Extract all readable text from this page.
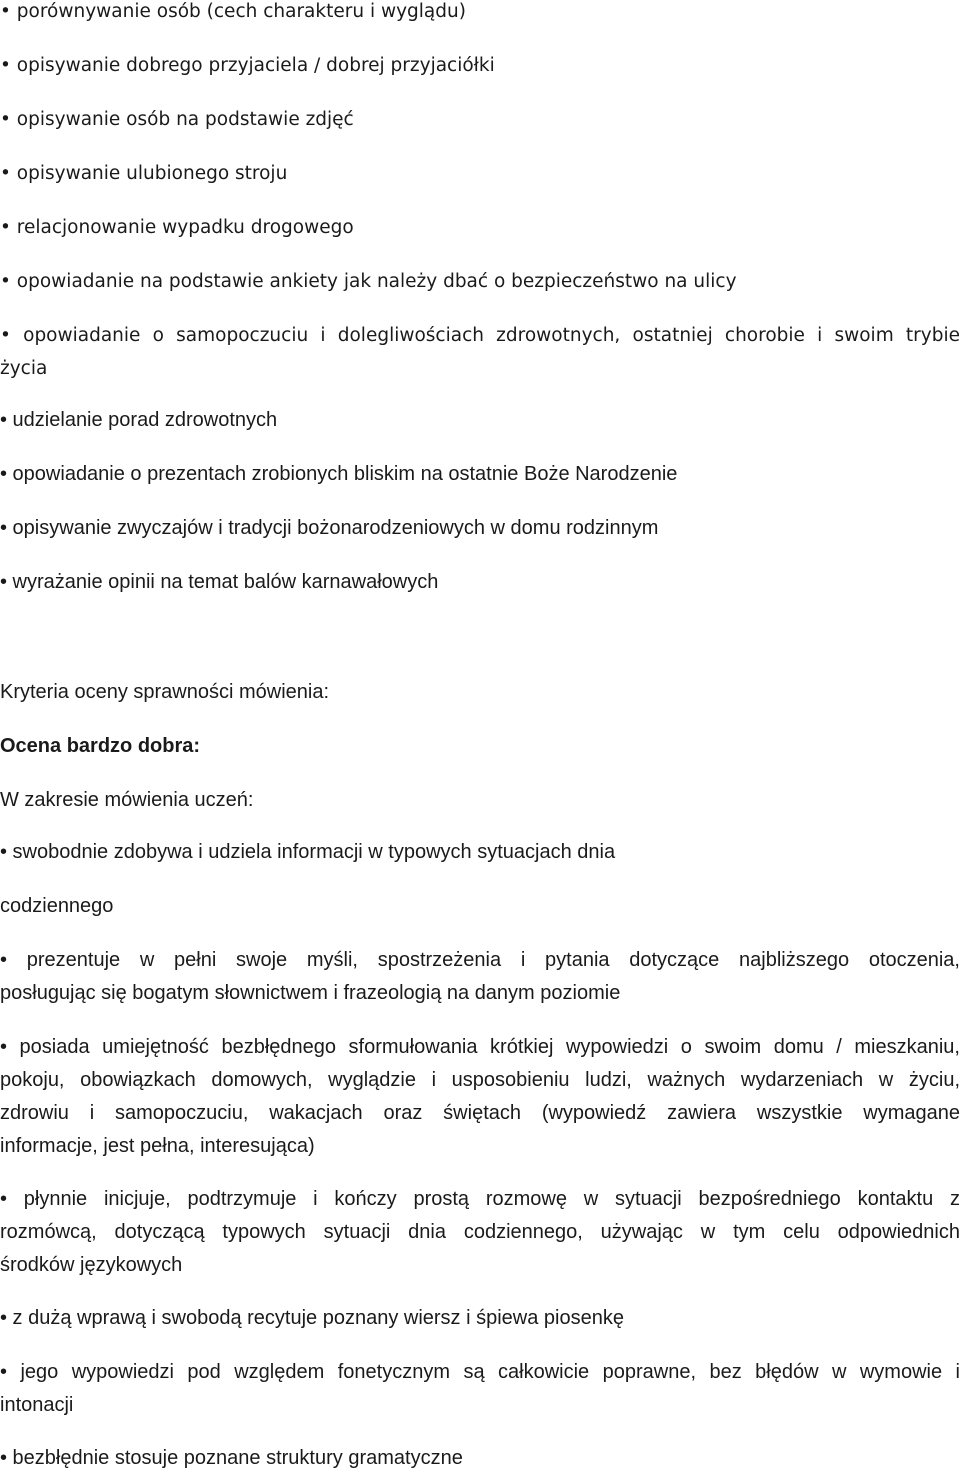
• porównywanie osób (cech charakteru i wyglądu)

• opisywanie dobrego przyjaciela / dobrej przyjaciółki

• opisywanie osób na podstawie zdjęć

• opisywanie ulubionego stroju

• relacjonowanie wypadku drogowego

• opowiadanie na podstawie ankiety jak należy dbać o bezpieczeństwo na ulicy

• opowiadanie o samopoczuciu i dolegliwościach zdrowotnych, ostatniej chorobie i swoim trybie

życia

• udzielanie porad zdrowotnych

• opowiadanie o prezentach zrobionych bliskim na ostatnie Boże Narodzenie

• opisywanie zwyczajów i tradycji bożonarodzeniowych w domu rodzinnym

• wyrażanie opinii na temat balów karnawałowych

Kryteria oceny sprawności mówienia:

Ocena bardzo dobra:

W zakresie mówienia uczeń:

• swobodnie zdobywa i udziela informacji w typowych sytuacjach dnia

codziennego

• prezentuje w pełni swoje myśli, spostrzeżenia i pytania dotyczące najbliższego otoczenia,

posługując się bogatym słownictwem i frazeologią na danym poziomie

• posiada umiejętność bezbłędnego sformułowania krótkiej wypowiedzi o swoim domu / mieszkaniu,

pokoju, obowiązkach domowych, wyglądzie i usposobieniu ludzi, ważnych wydarzeniach w życiu,

zdrowiu i samopoczuciu, wakacjach oraz świętach (wypowiedź zawiera wszystkie wymagane

informacje, jest pełna, interesująca)

• płynnie inicjuje, podtrzymuje i kończy prostą rozmowę w sytuacji bezpośredniego kontaktu z

rozmówcą, dotyczącą typowych sytuacji dnia codziennego, używając w tym celu odpowiednich

środków językowych

• z dużą wprawą i swobodą recytuje poznany wiersz i śpiewa piosenkę

• jego wypowiedzi pod względem fonetycznym są całkowicie poprawne, bez błędów w wymowie i

intonacji

• bezbłędnie stosuje poznane struktury gramatyczne
